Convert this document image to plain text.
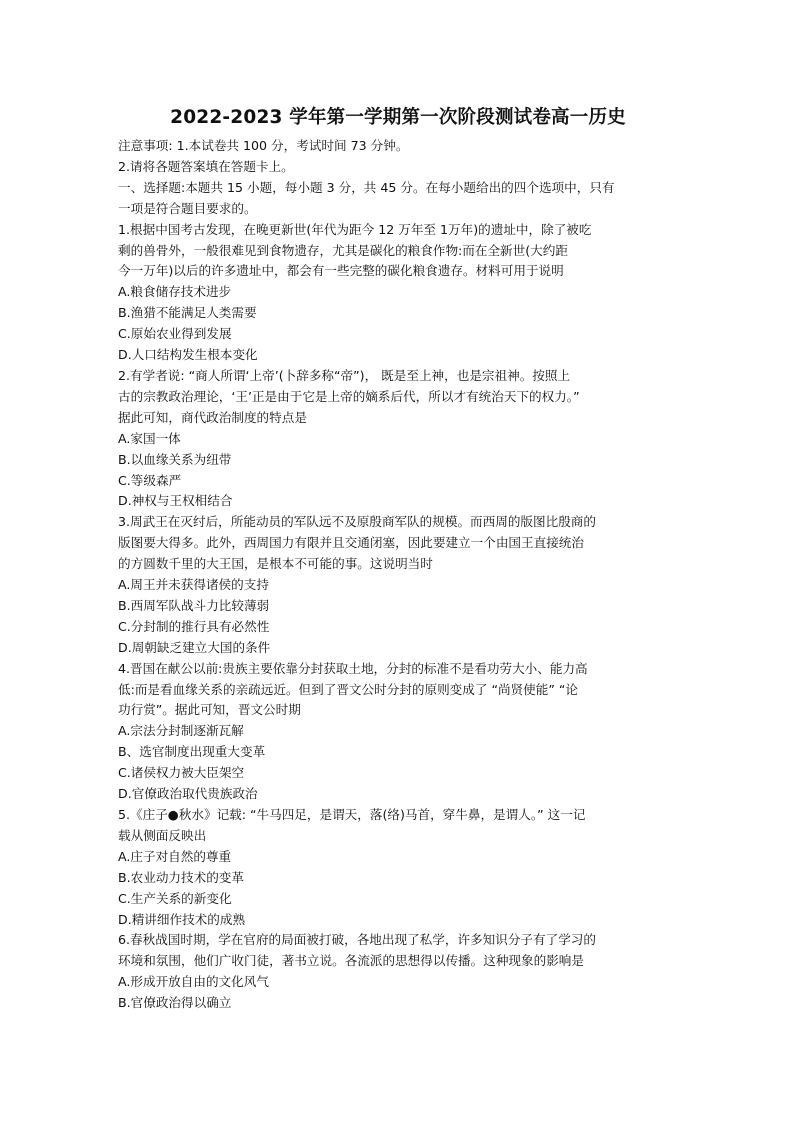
2022-2023 学年第一学期第一次阶段测试卷高一历史
注意事项: 1.本试卷共 100 分，考试时间 73 分钟。
2.请将各题答案填在答题卡上。
一、选择题:本题共 15 小题，每小题 3 分，共 45 分。在每小题给出的四个选项中，只有
一项是符合题目要求的。
1.根据中国考古发现，在晚更新世(年代为距今 12 万年至 1万年)的遗址中，除了被吃
剩的兽骨外，一般很难见到食物遗存，尤其是碳化的粮食作物:而在全新世(大约距
今一万年)以后的许多遗址中，都会有一些完整的碳化粮食遗存。材料可用于说明
A.粮食储存技术进步
B.渔猎不能满足人类需要
C.原始农业得到发展
D.人口结构发生根本变化
2.有学者说: “商人所谓‘上帝’(卜辞多称“帝”)， 既是至上神，也是宗祖神。按照上
古的宗教政治理论，‘王’正是由于它是上帝的嫡系后代，所以才有统治天下的权力。”
据此可知，商代政治制度的特点是
A.家国一体
B.以血缘关系为纽带
C.等级森严
D.神权与王权相结合
3.周武王在灭纣后，所能动员的军队远不及原殷商军队的规模。而西周的版图比殷商的
版图要大得多。此外，西周国力有限并且交通闭塞，因此要建立一个由国王直接统治
的方圆数千里的大王国，是根本不可能的事。这说明当时
A.周王并未获得诸侯的支持
B.西周军队战斗力比较薄弱
C.分封制的推行具有必然性
D.周朝缺乏建立大国的条件
4.晋国在献公以前:贵族主要依靠分封获取土地，分封的标准不是看功劳大小、能力高
低:而是看血缘关系的亲疏远近。但到了晋文公时分封的原则变成了 “尚贤使能” “论
功行赏”。据此可知，晋文公时期
A.宗法分封制逐渐瓦解
B、选官制度出现重大变革
C.诸侯权力被大臣架空
D.官僚政治取代贵族政治
5.《庄子●秋水》记载: “牛马四足，是谓天，落(络)马首，穿牛鼻，是谓人。” 这一记
载从侧面反映出
A.庄子对自然的尊重
B.农业动力技术的变革
C.生产关系的新变化
D.精讲细作技术的成熟
6.春秋战国时期，学在官府的局面被打破，各地出现了私学，许多知识分子有了学习的
环境和氛围，他们广收门徒，著书立说。各流派的思想得以传播。这种现象的影响是
A.形成开放自由的文化风气
B.官僚政治得以确立
